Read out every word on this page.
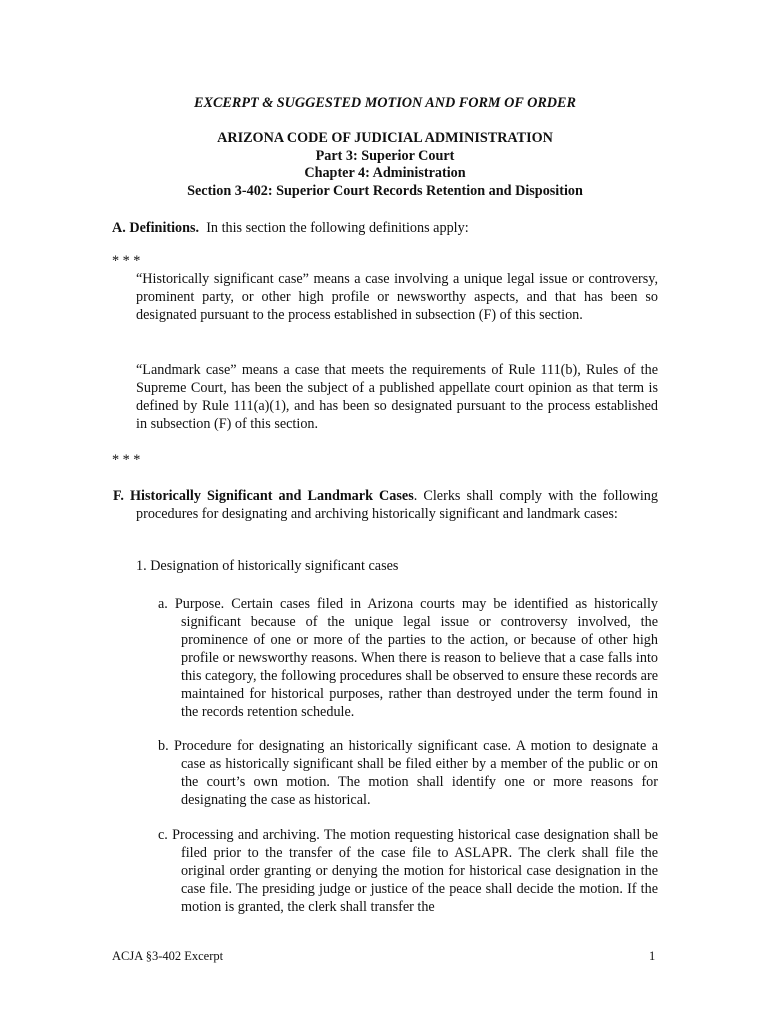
EXCERPT & SUGGESTED MOTION AND FORM OF ORDER
ARIZONA CODE OF JUDICIAL ADMINISTRATION
Part 3: Superior Court
Chapter 4: Administration
Section 3-402: Superior Court Records Retention and Disposition
A. Definitions. In this section the following definitions apply:
* * *
“Historically significant case” means a case involving a unique legal issue or controversy, prominent party, or other high profile or newsworthy aspects, and that has been so designated pursuant to the process established in subsection (F) of this section.
“Landmark case” means a case that meets the requirements of Rule 111(b), Rules of the Supreme Court, has been the subject of a published appellate court opinion as that term is defined by Rule 111(a)(1), and has been so designated pursuant to the process established in subsection (F) of this section.
* * *
F. Historically Significant and Landmark Cases. Clerks shall comply with the following procedures for designating and archiving historically significant and landmark cases:
1. Designation of historically significant cases
a. Purpose. Certain cases filed in Arizona courts may be identified as historically significant because of the unique legal issue or controversy involved, the prominence of one or more of the parties to the action, or because of other high profile or newsworthy reasons. When there is reason to believe that a case falls into this category, the following procedures shall be observed to ensure these records are maintained for historical purposes, rather than destroyed under the term found in the records retention schedule.
b. Procedure for designating an historically significant case. A motion to designate a case as historically significant shall be filed either by a member of the public or on the court’s own motion. The motion shall identify one or more reasons for designating the case as historical.
c. Processing and archiving. The motion requesting historical case designation shall be filed prior to the transfer of the case file to ASLAPR. The clerk shall file the original order granting or denying the motion for historical case designation in the case file. The presiding judge or justice of the peace shall decide the motion. If the motion is granted, the clerk shall transfer the
ACJA §3-402 Excerpt	1
